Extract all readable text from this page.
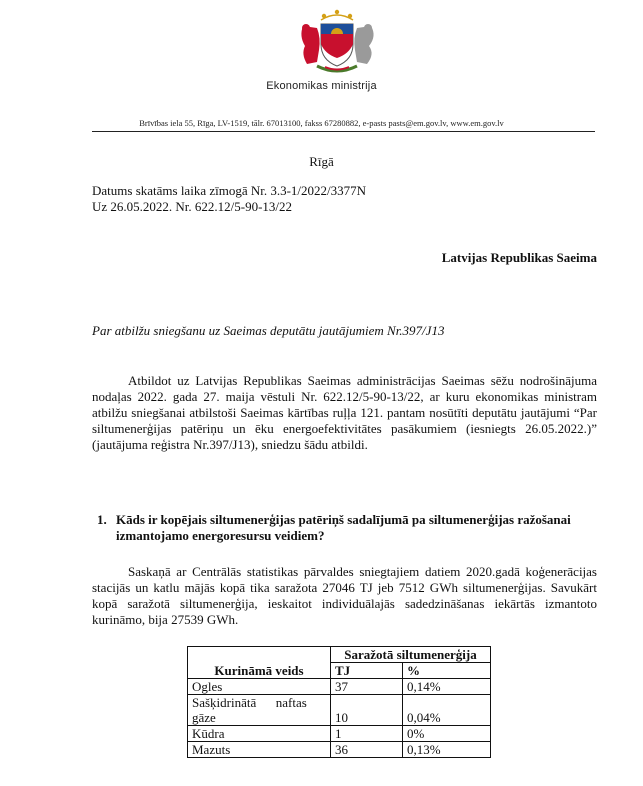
Ekonomikas ministrija
Brīvības iela 55, Rīga, LV-1519, tālr. 67013100, fakss 67280882, e-pasts pasts@em.gov.lv, www.em.gov.lv
Rīgā
Datums skatāms laika zīmogā Nr. 3.3-1/2022/3377N
Uz 26.05.2022. Nr. 622.12/5-90-13/22
Latvijas Republikas Saeima
Par atbilžu sniegšanu uz Saeimas deputātu jautājumiem Nr.397/J13

Atbildot uz Latvijas Republikas Saeimas administrācijas Saeimas sēžu nodrošinājuma nodaļas 2022. gada 27. maija vēstuli Nr. 622.12/5-90-13/22, ar kuru ekonomikas ministram atbilžu sniegšanai atbilstoši Saeimas kārtības ruļļa 121. pantam nosūtīti deputātu jautājumi “Par siltumenerģijas patēriņu un ēku energoefektivitātes pasākumiem (iesniegts 26.05.2022.)” (jautājuma reģistra Nr.397/J13), sniedzu šādu atbildi.

1. Kāds ir kopējais siltumenerģijas patēriņš sadalījumā pa siltumenerģijas ražošanai izmantojamo energoresursu veidiem?

Saskaņā ar Centrālās statistikas pārvaldes sniegtajiem datiem 2020.gadā koģenerācijas stacijās un katlu mājās kopā tika saražota 27046 TJ jeb 7512 GWh siltumenerģijas. Savukārt kopā saražotā siltumenerģija, ieskaitot individuālajās sadedzināšanas iekārtās izmantoto kurināmo, bija 27539 GWh.

Kurināmā veids	Saražotā siltumenerģija	
	TJ	%
Ogles	37	0,14%

Sašķidrinātā      naftas
gāze	10	0,04%
Kūdra	1	0%
Mazuts	36	0,13%
